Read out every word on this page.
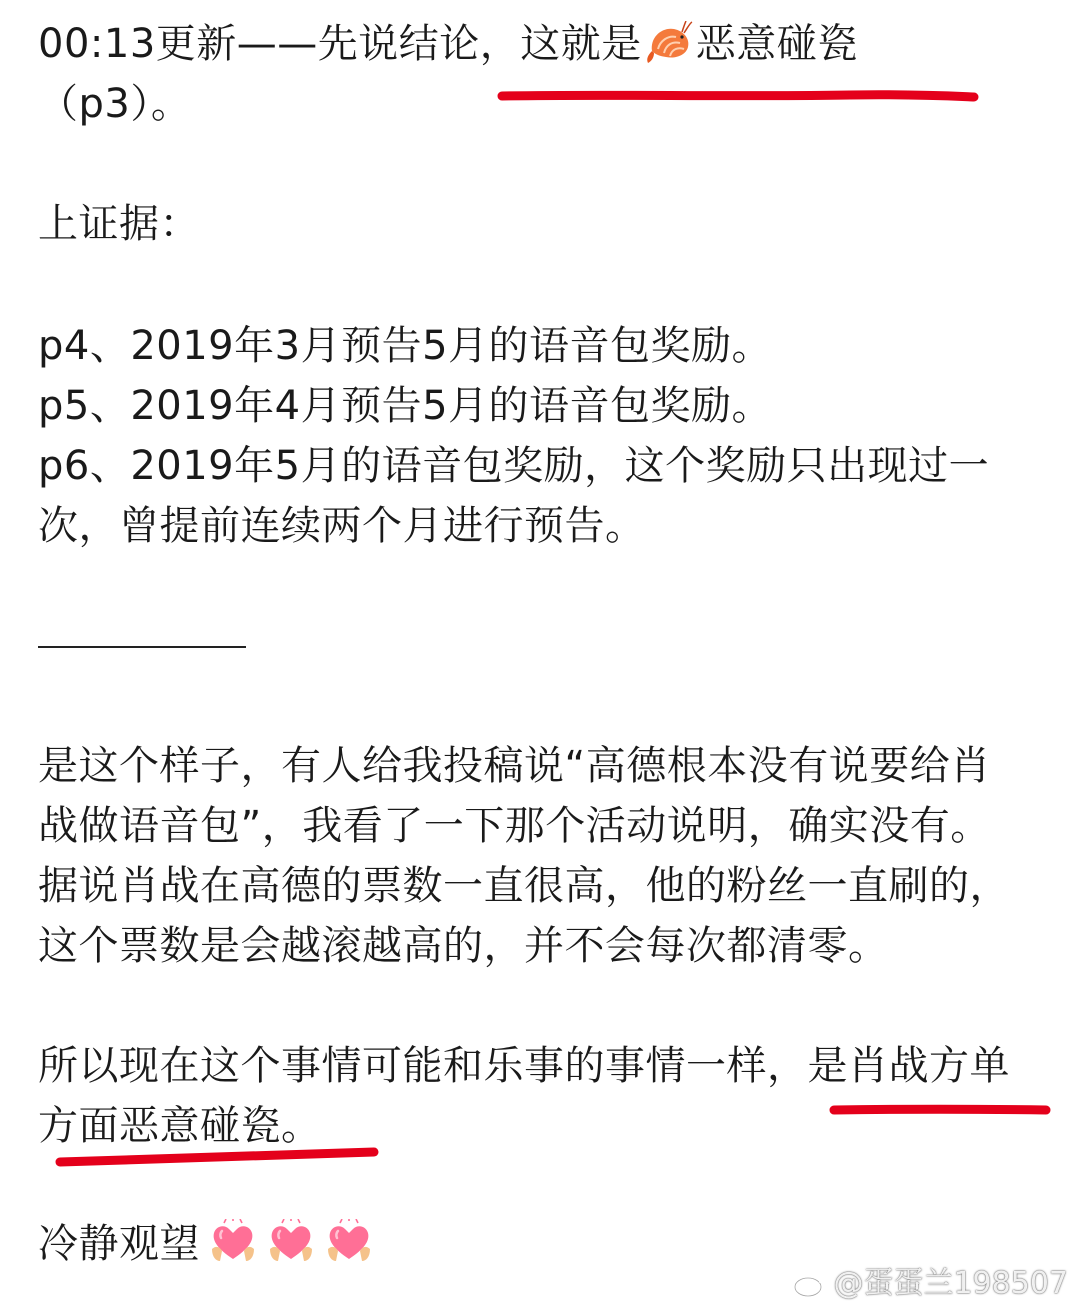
00:13更新——先说结论，这就是 恶意碰瓷
（p3）。
上证据：
p4、2019年3月预告5月的语音包奖励。
p5、2019年4月预告5月的语音包奖励。
p6、2019年5月的语音包奖励，这个奖励只出现过一
次，曾提前连续两个月进行预告。
是这个样子，有人给我投稿说“高德根本没有说要给肖
战做语音包”，我看了一下那个活动说明，确实没有。
据说肖战在高德的票数一直很高，他的粉丝一直刷的，
这个票数是会越滚越高的，并不会每次都清零。
所以现在这个事情可能和乐事的事情一样，是肖战方单
方面恶意碰瓷。
冷静观望
@蛋蛋兰198507
